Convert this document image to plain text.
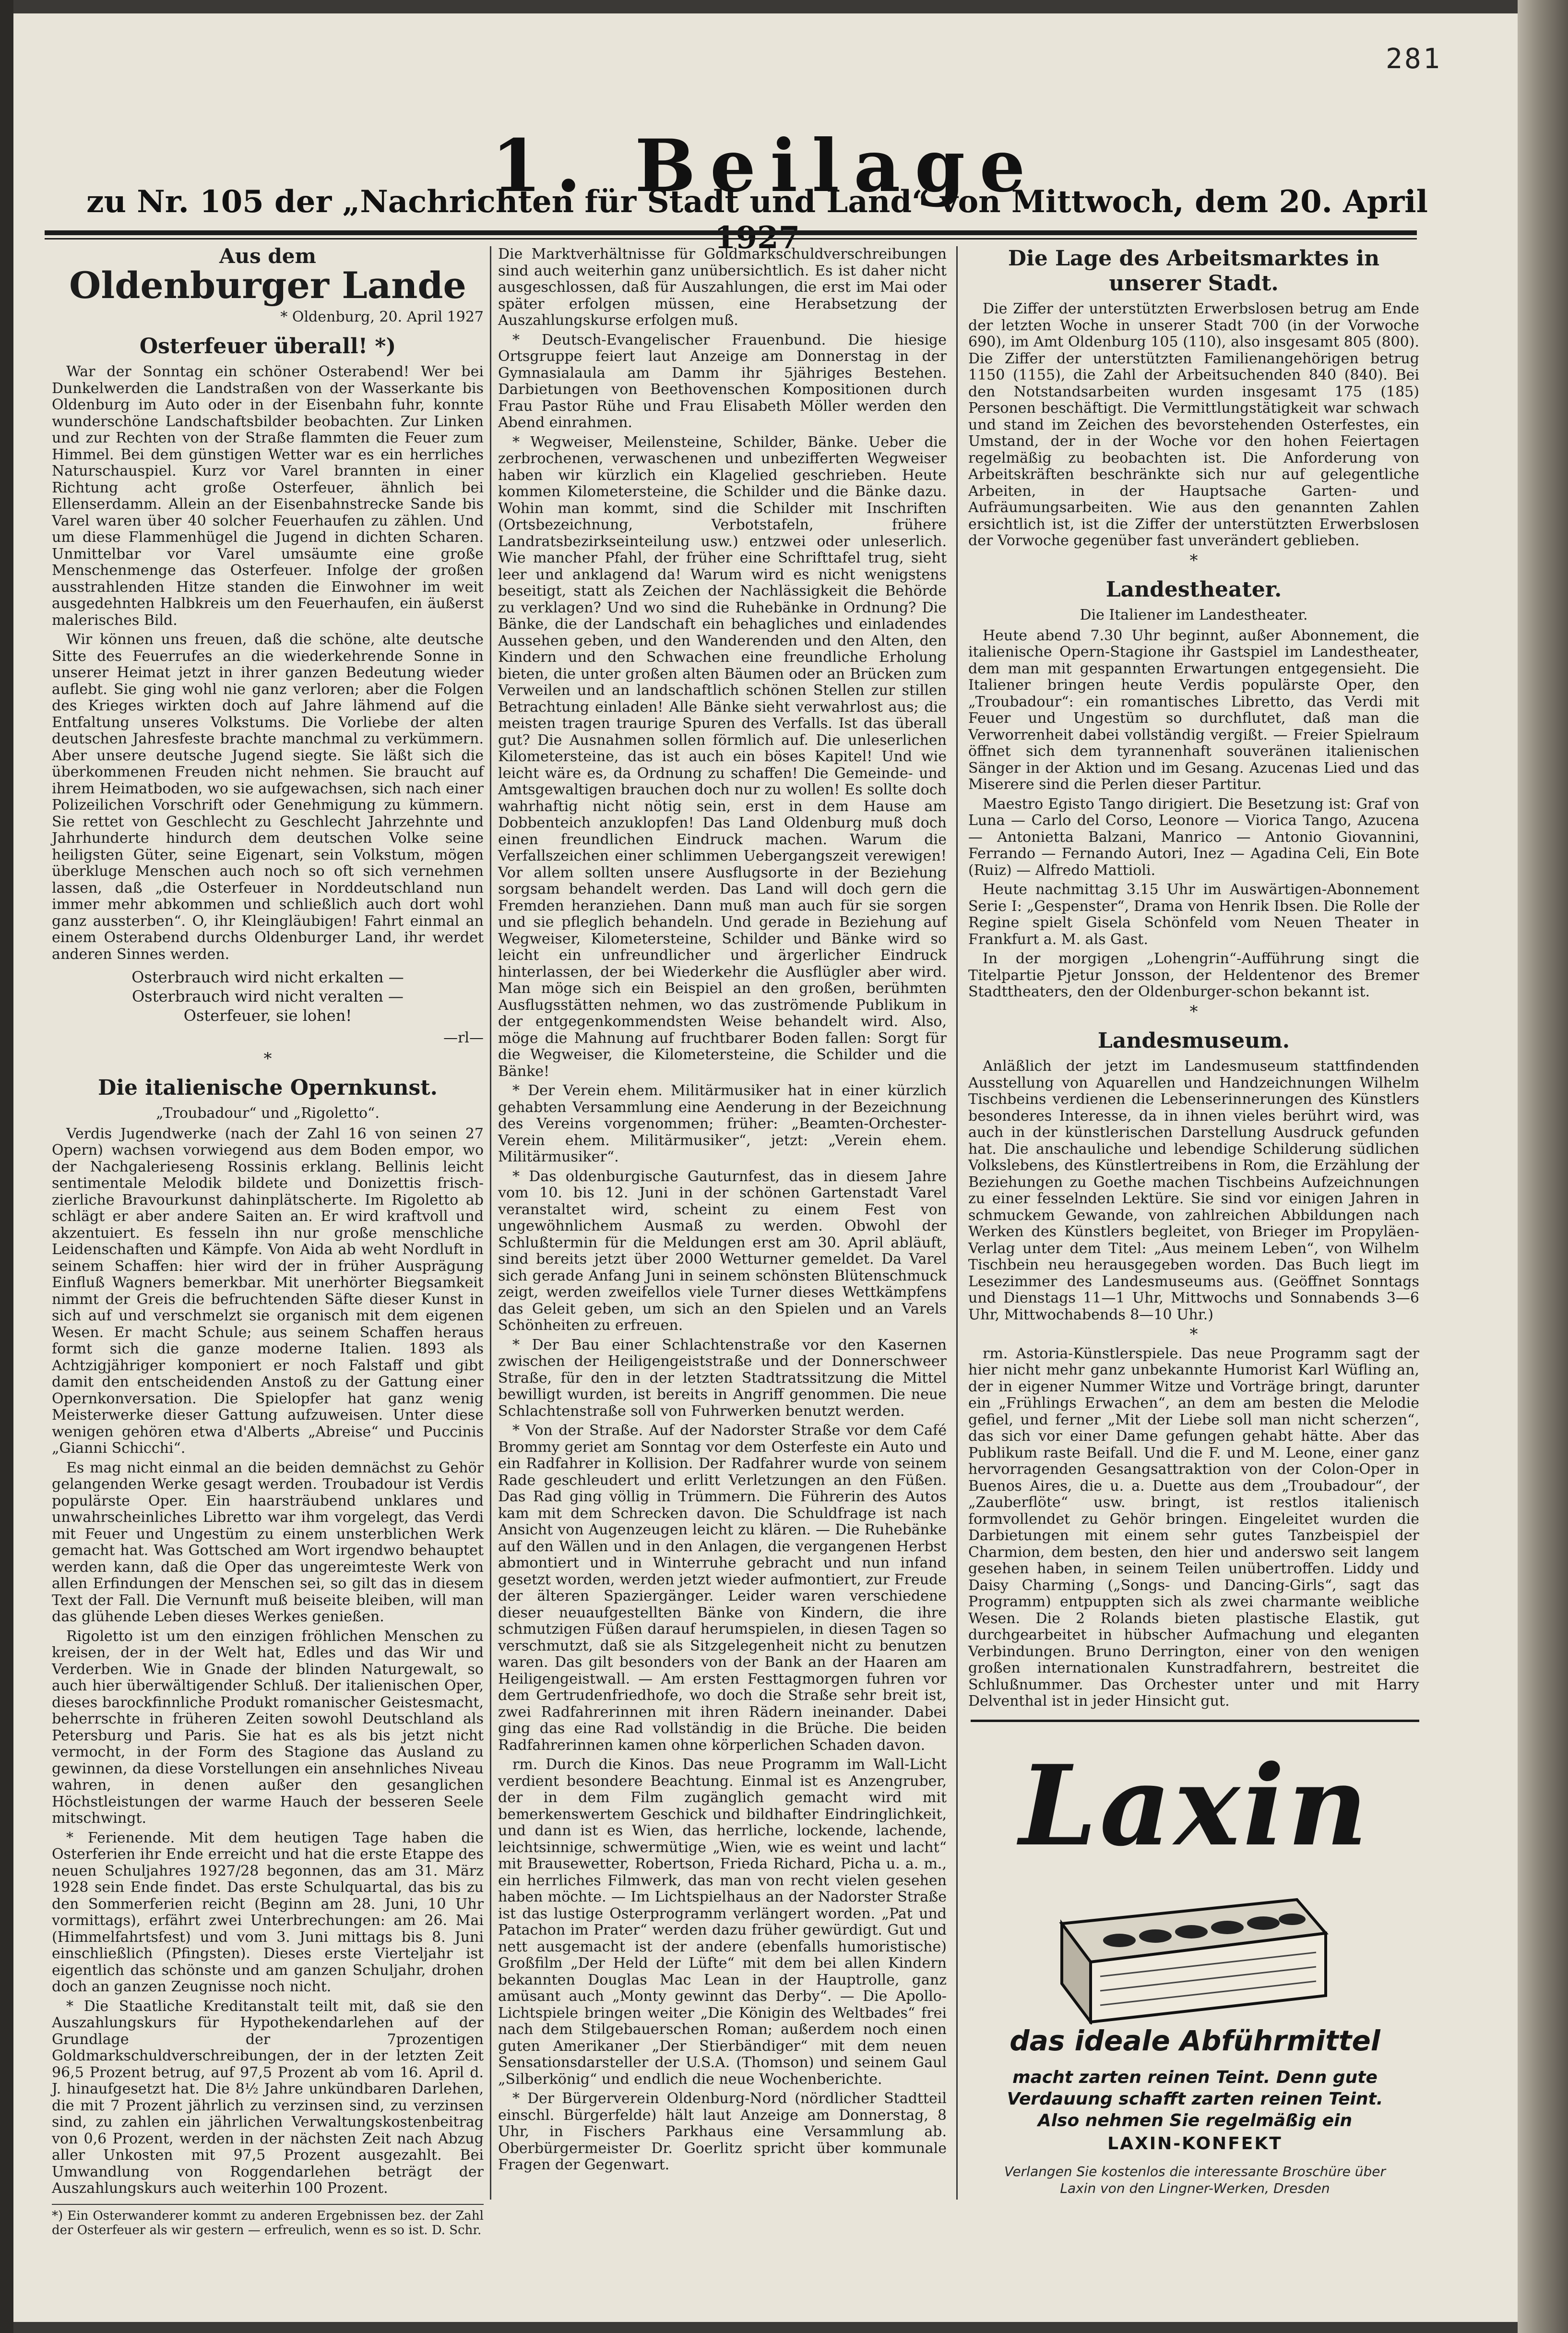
281
1. Beilage
zu Nr. 105 der „Nachrichten für Stadt und Land“ von Mittwoch, dem 20. April
Aus dem
Oldenburger Lande
* Oldenburg, 20. April 1927
Osterfeuer überall! *)

War der Sonntag ein schöner Osterabend! Wer bei Dunkelwerden die Landstraßen von der Wasserkante bis Oldenburg im Auto oder in der Eisenbahn fuhr, konnte wunderschöne Landschaftsbilder beobachten. Zur Linken und zur Rechten von der Straße flammten die Feuer zum Himmel. Bei dem günstigen Wetter war es ein herrliches Naturschauspiel. Kurz vor Varel brannten in einer Richtung acht große Osterfeuer, ähnlich bei Ellenserdamm. Allein an der Eisenbahnstrecke Sande bis Varel waren über 40 solcher Feuerhaufen zu zählen. Und um diese Flammenhügel die Jugend in dichten Scharen. Unmittelbar vor Varel umsäumte eine große Menschenmenge das Osterfeuer. Infolge der großen ausstrahlenden Hitze standen die Einwohner im weit ausgedehnten Halbkreis um den Feuerhaufen, ein äußerst malerisches Bild.

Wir können uns freuen, daß die schöne, alte deutsche Sitte des Feuerrufes an die wiederkehrende Sonne in unserer Heimat jetzt in ihrer ganzen Bedeutung wieder auflebt. Sie ging wohl nie ganz verloren; aber die Folgen des Krieges wirkten doch auf Jahre lähmend auf die Entfaltung unseres Volkstums. Die Vorliebe der alten deutschen Jahresfeste brachte manchmal zu verkümmern. Aber unsere deutsche Jugend siegte. Sie läßt sich die überkommenen Freuden nicht nehmen. Sie braucht auf ihrem Heimatboden, wo sie aufgewachsen, sich nach einer Polizeilichen Vorschrift oder Genehmigung zu kümmern. Sie rettet von Geschlecht zu Geschlecht Jahrzehnte und Jahrhunderte hindurch dem deutschen Volke seine heiligsten Güter, seine Eigenart, sein Volkstum, mögen überkluge Menschen auch noch so oft sich vernehmen lassen, daß „die Osterfeuer in Norddeutschland nun immer mehr abkommen und schließlich auch dort wohl ganz aussterben“. O, ihr Kleingläubigen! Fahrt einmal an einem Osterabend durchs Oldenburger Land, ihr werdet anderen Sinnes werden.

Osterbrauch wird nicht erkalten —
Osterbrauch wird nicht veralten —
Osterfeuer, sie lohen!
—rl—
*
Die italienische Opernkunst.
„Troubadour“ und „Rigoletto“.

Verdis Jugendwerke (nach der Zahl 16 von seinen 27 Opern) wachsen vorwiegend aus dem Boden empor, wo der Nachgalerieseng Rossinis erklang. Bellinis leicht sentimentale Melodik bildete und Donizettis frisch-zierliche Bravourkunst dahinplätscherte. Im Rigoletto ab schlägt er aber andere Saiten an. Er wird kraftvoll und akzentuiert. Es fesseln ihn nur große menschliche Leidenschaften und Kämpfe. Von Aida ab weht Nordluft in seinem Schaffen: hier wird der in früher Ausprägung Einfluß Wagners bemerkbar. Mit unerhörter Biegsamkeit nimmt der Greis die befruchtenden Säfte dieser Kunst in sich auf und verschmelzt sie organisch mit dem eigenen Wesen. Er macht Schule; aus seinem Schaffen heraus formt sich die ganze moderne Italien. 1893 als Achtzigjähriger komponiert er noch Falstaff und gibt damit den entscheidenden Anstoß zu der Gattung einer Opernkonversation. Die Spielopfer hat ganz wenig Meisterwerke dieser Gattung aufzuweisen. Unter diese wenigen gehören etwa d'Alberts „Abreise“ und Puccinis „Gianni Schicchi“.

Es mag nicht einmal an die beiden demnächst zu Gehör gelangenden Werke gesagt werden. Troubadour ist Verdis populärste Oper. Ein haarsträubend unklares und unwahrscheinliches Libretto war ihm vorgelegt, das Verdi mit Feuer und Ungestüm zu einem unsterblichen Werk gemacht hat. Was Gottsched am Wort irgendwo behauptet werden kann, daß die Oper das ungereimteste Werk von allen Erfindungen der Menschen sei, so gilt das in diesem Text der Fall. Die Vernunft muß beiseite bleiben, will man das glühende Leben dieses Werkes genießen.

Rigoletto ist um den einzigen fröhlichen Menschen zu kreisen, der in der Welt hat, Edles und das Wir und Verderben. Wie in Gnade der blinden Naturgewalt, so auch hier überwältigender Schluß. Der italienischen Oper, dieses barockfinnliche Produkt romanischer Geistesmacht, beherrschte in früheren Zeiten sowohl Deutschland als Petersburg und Paris. Sie hat es als bis jetzt nicht vermocht, in der Form des Stagione das Ausland zu gewinnen, da diese Vorstellungen ein ansehnliches Niveau wahren, in denen außer den gesanglichen Höchstleistungen der warme Hauch der besseren Seele mitschwingt.

* Ferienende. Mit dem heutigen Tage haben die Osterferien ihr Ende erreicht und hat die erste Etappe des neuen Schuljahres 1927/28 begonnen, das am 31. März 1928 sein Ende findet. Das erste Schulquartal, das bis zu den Sommerferien reicht (Beginn am 28. Juni, 10 Uhr vormittags), erfährt zwei Unterbrechungen: am 26. Mai (Himmelfahrtsfest) und vom 3. Juni mittags bis 8. Juni einschließlich (Pfingsten). Dieses erste Vierteljahr ist eigentlich das schönste und am ganzen Schuljahr, drohen doch an ganzen Zeugnisse noch nicht.

* Die Staatliche Kreditanstalt teilt mit, daß sie den Auszahlungskurs für Hypothekendarlehen auf der Grundlage der 7prozentigen Goldmarkschuldverschreibungen, der in der letzten Zeit 96,5 Prozent betrug, auf 97,5 Prozent ab vom 16. April d. J. hinaufgesetzt hat. Die 8½ Jahre unkündbaren Darlehen, die mit 7 Prozent jährlich zu verzinsen sind, zu verzinsen sind, zu zahlen ein jährlichen Verwaltungskostenbeitrag von 0,6 Prozent, werden in der nächsten Zeit nach Abzug aller Unkosten mit 97,5 Prozent ausgezahlt. Bei Umwandlung von Roggendarlehen beträgt der Auszahlungskurs auch weiterhin 100 Prozent.

*) Ein Osterwanderer kommt zu anderen Ergebnissen bez. der Zahl der Osterfeuer als wir gestern — erfreulich, wenn es so ist. D. Schr.

Die Marktverhältnisse für Goldmarkschuldverschreibungen sind auch weiterhin ganz unübersichtlich. Es ist daher nicht ausgeschlossen, daß für Auszahlungen, die erst im Mai oder später erfolgen müssen, eine Herabsetzung der Auszahlungskurse erfolgen muß.

* Deutsch-Evangelischer Frauenbund. Die hiesige Ortsgruppe feiert laut Anzeige am Donnerstag in der Gymnasialaula am Damm ihr 5jähriges Bestehen. Darbietungen von Beethovenschen Kompositionen durch Frau Pastor Rühe und Frau Elisabeth Möller werden den Abend einrahmen.

* Wegweiser, Meilensteine, Schilder, Bänke. Ueber die zerbrochenen, verwaschenen und unbezifferten Wegweiser haben wir kürzlich ein Klagelied geschrieben. Heute kommen Kilometersteine, die Schilder und die Bänke dazu. Wohin man kommt, sind die Schilder mit Inschriften (Ortsbezeichnung, Verbotstafeln, frühere Landratsbezirkseinteilung usw.) entzwei oder unleserlich. Wie mancher Pfahl, der früher eine Schrifttafel trug, sieht leer und anklagend da! Warum wird es nicht wenigstens beseitigt, statt als Zeichen der Nachlässigkeit die Behörde zu verklagen? Und wo sind die Ruhebänke in Ordnung? Die Bänke, die der Landschaft ein behagliches und einladendes Aussehen geben, und den Wanderenden und den Alten, den Kindern und den Schwachen eine freundliche Erholung bieten, die unter großen alten Bäumen oder an Brücken zum Verweilen und an landschaftlich schönen Stellen zur stillen Betrachtung einladen! Alle Bänke sieht verwahrlost aus; die meisten tragen traurige Spuren des Verfalls. Ist das überall gut? Die Ausnahmen sollen förmlich auf. Die unleserlichen Kilometersteine, das ist auch ein böses Kapitel! Und wie leicht wäre es, da Ordnung zu schaffen! Die Gemeinde- und Amtsgewaltigen brauchen doch nur zu wollen! Es sollte doch wahrhaftig nicht nötig sein, erst in dem Hause am Dobbenteich anzuklopfen! Das Land Oldenburg muß doch einen freundlichen Eindruck machen. Warum die Verfallszeichen einer schlimmen Uebergangszeit verewigen! Vor allem sollten unsere Ausflugsorte in der Beziehung sorgsam behandelt werden. Das Land will doch gern die Fremden heranziehen. Dann muß man auch für sie sorgen und sie pfleglich behandeln. Und gerade in Beziehung auf Wegweiser, Kilometersteine, Schilder und Bänke wird so leicht ein unfreundlicher und ärgerlicher Eindruck hinterlassen, der bei Wiederkehr die Ausflügler aber wird. Man möge sich ein Beispiel an den großen, berühmten Ausflugsstätten nehmen, wo das zuströmende Publikum in der entgegenkommendsten Weise behandelt wird. Also, möge die Mahnung auf fruchtbarer Boden fallen: Sorgt für die Wegweiser, die Kilometersteine, die Schilder und die Bänke!

* Der Verein ehem. Militärmusiker hat in einer kürzlich gehabten Versammlung eine Aenderung in der Bezeichnung des Vereins vorgenommen; früher: „Beamten-Orchester-Verein ehem. Militärmusiker“, jetzt: „Verein ehem. Militärmusiker“.

* Das oldenburgische Gauturnfest, das in diesem Jahre vom 10. bis 12. Juni in der schönen Gartenstadt Varel veranstaltet wird, scheint zu einem Fest von ungewöhnlichem Ausmaß zu werden. Obwohl der Schlußtermin für die Meldungen erst am 30. April abläuft, sind bereits jetzt über 2000 Wetturner gemeldet. Da Varel sich gerade Anfang Juni in seinem schönsten Blütenschmuck zeigt, werden zweifellos viele Turner dieses Wettkämpfens das Geleit geben, um sich an den Spielen und an Varels Schönheiten zu erfreuen.

* Der Bau einer Schlachtenstraße vor den Kasernen zwischen der Heiligengeiststraße und der Donnerschweer Straße, für den in der letzten Stadtratssitzung die Mittel bewilligt wurden, ist bereits in Angriff genommen. Die neue Schlachtenstraße soll von Fuhrwerken benutzt werden.

* Von der Straße. Auf der Nadorster Straße vor dem Café Brommy geriet am Sonntag vor dem Osterfeste ein Auto und ein Radfahrer in Kollision. Der Radfahrer wurde von seinem Rade geschleudert und erlitt Verletzungen an den Füßen. Das Rad ging völlig in Trümmern. Die Führerin des Autos kam mit dem Schrecken davon. Die Schuldfrage ist nach Ansicht von Augenzeugen leicht zu klären. — Die Ruhebänke auf den Wällen und in den Anlagen, die vergangenen Herbst abmontiert und in Winterruhe gebracht und nun infand gesetzt worden, werden jetzt wieder aufmontiert, zur Freude der älteren Spaziergänger. Leider waren verschiedene dieser neuaufgestellten Bänke von Kindern, die ihre schmutzigen Füßen darauf herumspielen, in diesen Tagen so verschmutzt, daß sie als Sitzgelegenheit nicht zu benutzen waren. Das gilt besonders von der Bank an der Haaren am Heiligengeistwall. — Am ersten Festtagmorgen fuhren vor dem Gertrudenfriedhofe, wo doch die Straße sehr breit ist, zwei Radfahrerinnen mit ihren Rädern ineinander. Dabei ging das eine Rad vollständig in die Brüche. Die beiden Radfahrerinnen kamen ohne körperlichen Schaden davon.

rm. Durch die Kinos. Das neue Programm im Wall-Licht verdient besondere Beachtung. Einmal ist es Anzengruber, der in dem Film zugänglich gemacht wird mit bemerkenswertem Geschick und bildhafter Eindringlichkeit, und dann ist es Wien, das herrliche, lockende, lachende, leichtsinnige, schwermütige „Wien, wie es weint und lacht“ mit Brausewetter, Robertson, Frieda Richard, Picha u. a. m., ein herrliches Filmwerk, das man von recht vielen gesehen haben möchte. — Im Lichtspielhaus an der Nadorster Straße ist das lustige Osterprogramm verlängert worden. „Pat und Patachon im Prater“ werden dazu früher gewürdigt. Gut und nett ausgemacht ist der andere (ebenfalls humoristische) Großfilm „Der Held der Lüfte“ mit dem bei allen Kindern bekannten Douglas Mac Lean in der Hauptrolle, ganz amüsant auch „Monty gewinnt das Derby“. — Die Apollo-Lichtspiele bringen weiter „Die Königin des Weltbades“ frei nach dem Stilgebauerschen Roman; außerdem noch einen guten Amerikaner „Der Stierbändiger“ mit dem neuen Sensationsdarsteller der U.S.A. (Thomson) und seinem Gaul „Silberkönig“ und endlich die neue Wochenberichte.

* Der Bürgerverein Oldenburg-Nord (nördlicher Stadtteil einschl. Bürgerfelde) hält laut Anzeige am Donnerstag, 8 Uhr, in Fischers Parkhaus eine Versammlung ab. Oberbürgermeister Dr. Goerlitz spricht über kommunale Fragen der Gegenwart.

Die Lage des Arbeitsmarktes in unserer Stadt.

Die Ziffer der unterstützten Erwerbslosen betrug am Ende der letzten Woche in unserer Stadt 700 (in der Vorwoche 690), im Amt Oldenburg 105 (110), also insgesamt 805 (800). Die Ziffer der unterstützten Familienangehörigen betrug 1150 (1155), die Zahl der Arbeitsuchenden 840 (840). Bei den Notstandsarbeiten wurden insgesamt 175 (185) Personen beschäftigt. Die Vermittlungstätigkeit war schwach und stand im Zeichen des bevorstehenden Osterfestes, ein Umstand, der in der Woche vor den hohen Feiertagen regelmäßig zu beobachten ist. Die Anforderung von Arbeitskräften beschränkte sich nur auf gelegentliche Arbeiten, in der Hauptsache Garten- und Aufräumungsarbeiten. Wie aus den genannten Zahlen ersichtlich ist, ist die Ziffer der unterstützten Erwerbslosen der Vorwoche gegenüber fast unverändert geblieben.

*
Landestheater.
Die Italiener im Landestheater.

Heute abend 7.30 Uhr beginnt, außer Abonnement, die italienische Opern-Stagione ihr Gastspiel im Landestheater, dem man mit gespannten Erwartungen entgegensieht. Die Italiener bringen heute Verdis populärste Oper, den „Troubadour“: ein romantisches Libretto, das Verdi mit Feuer und Ungestüm so durchflutet, daß man die Verworrenheit dabei vollständig vergißt. — Freier Spielraum öffnet sich dem tyrannenhaft souveränen italienischen Sänger in der Aktion und im Gesang. Azucenas Lied und das Miserere sind die Perlen dieser Partitur.

Maestro Egisto Tango dirigiert. Die Besetzung ist: Graf von Luna — Carlo del Corso, Leonore — Viorica Tango, Azucena — Antonietta Balzani, Manrico — Antonio Giovannini, Ferrando — Fernando Autori, Inez — Agadina Celi, Ein Bote (Ruiz) — Alfredo Mattioli.

Heute nachmittag 3.15 Uhr im Auswärtigen-Abonnement Serie I: „Gespenster“, Drama von Henrik Ibsen. Die Rolle der Regine spielt Gisela Schönfeld vom Neuen Theater in Frankfurt a. M. als Gast.

In der morgigen „Lohengrin“-Aufführung singt die Titelpartie Pjetur Jonsson, der Heldentenor des Bremer Stadttheaters, den der Oldenburger-schon bekannt ist.

*
Landesmuseum.

Anläßlich der jetzt im Landesmuseum stattfindenden Ausstellung von Aquarellen und Handzeichnungen Wilhelm Tischbeins verdienen die Lebenserinnerungen des Künstlers besonderes Interesse, da in ihnen vieles berührt wird, was auch in der künstlerischen Darstellung Ausdruck gefunden hat. Die anschauliche und lebendige Schilderung südlichen Volkslebens, des Künstlertreibens in Rom, die Erzählung der Beziehungen zu Goethe machen Tischbeins Aufzeichnungen zu einer fesselnden Lektüre. Sie sind vor einigen Jahren in schmuckem Gewande, von zahlreichen Abbildungen nach Werken des Künstlers begleitet, von Brieger im Propyläen-Verlag unter dem Titel: „Aus meinem Leben“, von Wilhelm Tischbein neu herausgegeben worden. Das Buch liegt im Lesezimmer des Landesmuseums aus. (Geöffnet Sonntags und Dienstags 11—1 Uhr, Mittwochs und Sonnabends 3—6 Uhr, Mittwochabends 8—10 Uhr.)

*

rm. Astoria-Künstlerspiele. Das neue Programm sagt der hier nicht mehr ganz unbekannte Humorist Karl Wüfling an, der in eigener Nummer Witze und Vorträge bringt, darunter ein „Frühlings Erwachen“, an dem am besten die Melodie gefiel, und ferner „Mit der Liebe soll man nicht scherzen“, das sich vor einer Dame gefungen gehabt hätte. Aber das Publikum raste Beifall. Und die F. und M. Leone, einer ganz hervorragenden Gesangsattraktion von der Colon-Oper in Buenos Aires, die u. a. Duette aus dem „Troubadour“, der „Zauberflöte“ usw. bringt, ist restlos italienisch formvollendet zu Gehör bringen. Eingeleitet wurden die Darbietungen mit einem sehr gutes Tanzbeispiel der Charmion, dem besten, den hier und anderswo seit langem gesehen haben, in seinem Teilen unübertroffen. Liddy und Daisy Charming („Songs- und Dancing-Girls“, sagt das Programm) entpuppten sich als zwei charmante weibliche Wesen. Die 2 Rolands bieten plastische Elastik, gut durchgearbeitet in hübscher Aufmachung und eleganten Verbindungen. Bruno Derrington, einer von den wenigen großen internationalen Kunstradfahrern, bestreitet die Schlußnummer. Das Orchester unter und mit Harry Delventhal ist in jeder Hinsicht gut.

Laxin
das ideale Abführmittel
macht zarten reinen Teint. Denn gute
Verdauung schafft zarten reinen Teint.
Also nehmen Sie regelmäßig ein
LAXIN-KONFEKT
Verlangen Sie kostenlos die interessante Broschüre über
Laxin von den Lingner-Werken, Dresden
